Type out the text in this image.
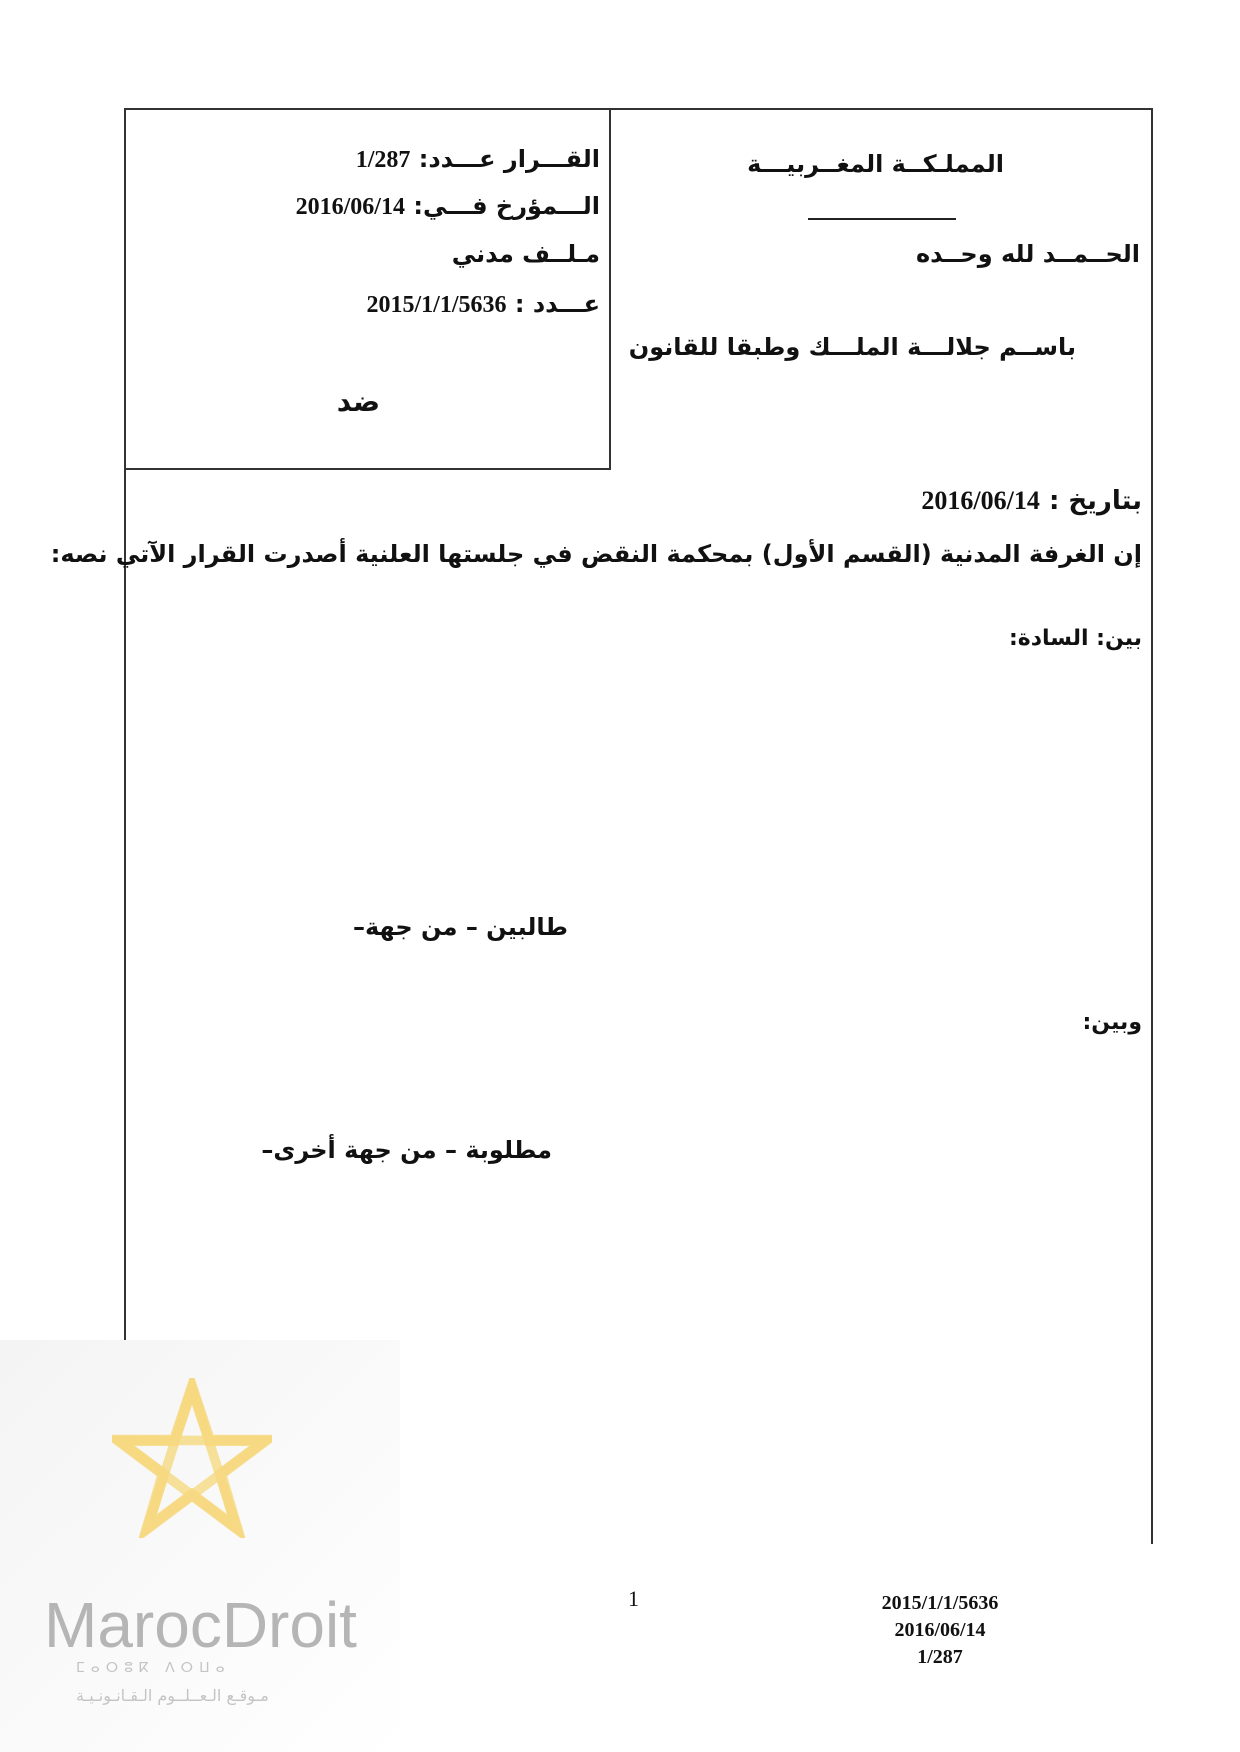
القـــرار عـــدد: 1/287
الـــمؤرخ فـــي: 2016/06/14
مـلــف مدني
عـــدد : 2015/1/1/5636
ضد
المملـكــة المغــربيـــة
الحــمــد لله وحــده
باســم جلالـــة الملـــك وطبقا للقانون
بتاريخ : 2016/06/14
إن الغرفة المدنية (القسم الأول) بمحكمة النقض في جلستها العلنية أصدرت القرار الآتي نصه:
بين: السادة:
طالبين – من جهة–
وبين:
مطلوبة – من جهة أخرى–
1	2015/1/1/5636
2016/06/14
1/287
MarocDroit
ⵎⴰⵔⵓⴽ ⴷⵔⵡⴰ
مـوقـع الـعــلــوم الـقـانـونـيـة
